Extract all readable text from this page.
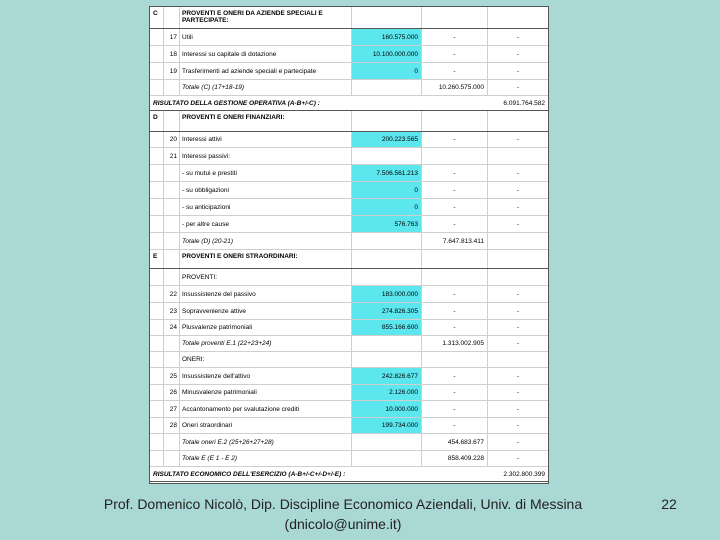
C	PROVENTI E ONERI DA AZIENDE SPECIALI E PARTECIPATE:
17 Utili	160.575.000	-	-
18 Interessi su capitale di dotazione	10.100.000.000	-	-
19 Trasferimenti ad aziende speciali e partecipate	0	-	-
Totale (C) (17+18-19)	10.260.575.000	-
RISULTATO DELLA GESTIONE OPERATIVA (A-B+/-C) :	6.091.764.582
D	PROVENTI E ONERI FINANZIARI:
20 Interessi attivi	200.223.565	-	-
21 Interessi passivi:
- su mutui e prestiti	7.506.561.213	-	-
- su obbligazioni	0	-	-
- su anticipazioni	0	-	-
- per altre cause	576.763	-	-
Totale (D) (20-21)	7.647.813.411
E	PROVENTI E ONERI STRAORDINARI:
PROVENTI:
22 Insussistenze del passivo	183.000.000	-	-
23 Sopravvenienze attive	274.826.305	-	-
24 Plusvalenze patrimoniali	855.166.600	-	-
Totale proventi E.1 (22+23+24)	1.313.002.905	-
ONERI:
25 Insussistenze dell'attivo	242.826.677	-	-
26 Minusvalenze patrimoniali	2.126.000	-	-
27 Accantonamento per svalutazione crediti	10.000.000	-	-
28 Oneri straordinari	199.734.000	-	-
Totale oneri E.2 (25+26+27+28)	454.683.677	-
Totale E (E 1 - E 2)	858.409.228	-
RISULTATO ECONOMICO DELL'ESERCIZIO (A-B+/-C+/-D+/-E) :	2.302.800.399
Prof. Domenico Nicolò, Dip. Discipline Economico Aziendali, Univ. di Messina (dnicolo@unime.it)
22
